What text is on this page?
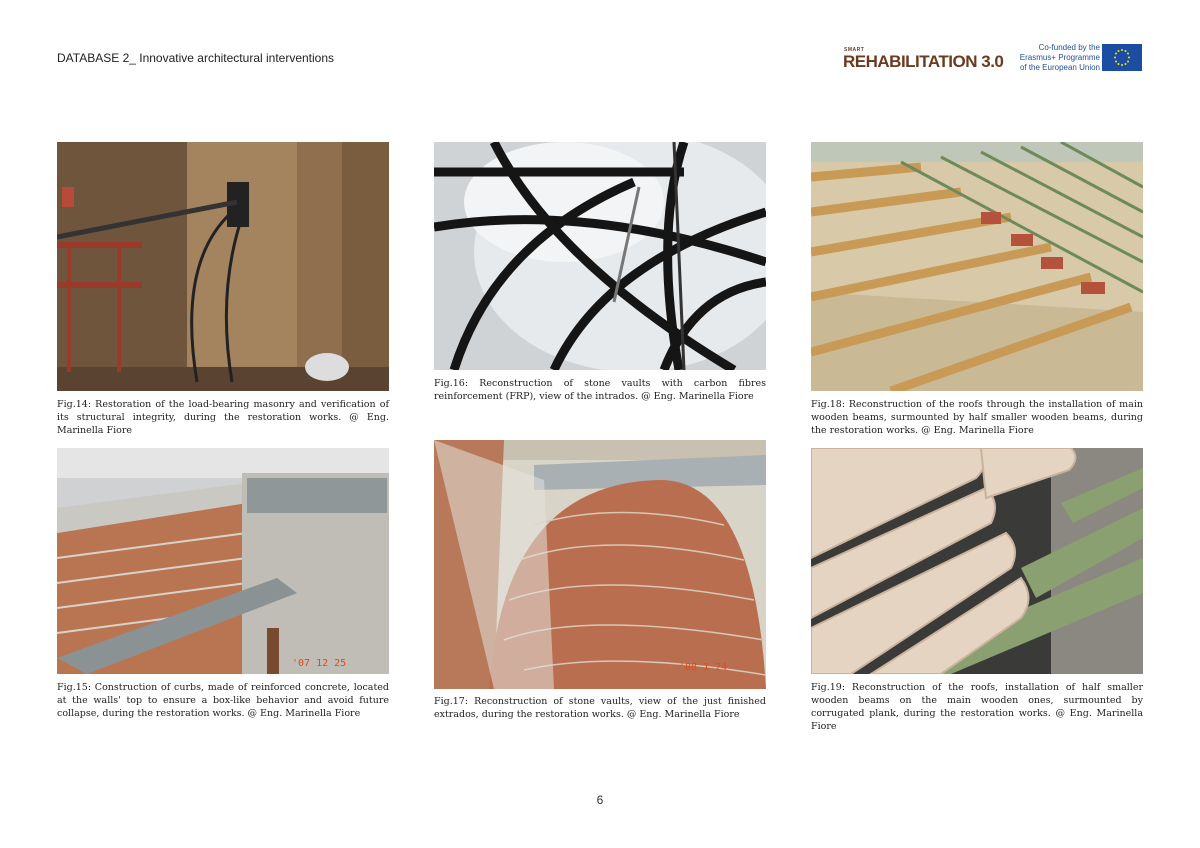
DATABASE 2_ Innovative architectural interventions
SMART
REHABILITATION 3.0
Co-funded by the
Erasmus+ Programme
of the European Union
Fig.14: Restoration of the load-bearing masonry and verification of its structural integrity, during the restoration works. @ Eng. Marinella Fiore
Fig.16: Reconstruction of stone vaults with carbon fibres reinforcement (FRP), view of the intrados. @ Eng. Marinella Fiore
Fig.18: Reconstruction of the roofs through the installation of main wooden beams, surmounted by half smaller wooden beams, during the restoration works. @ Eng. Marinella Fiore
'07 12 25
Fig.15: Construction of curbs, made of reinforced concrete, located at the walls' top to ensure a box-like behavior and avoid future collapse, during the restoration works. @ Eng. Marinella Fiore
'08 1 24
Fig.17: Reconstruction of stone vaults, view of the just finished extrados, during the restoration works. @ Eng. Marinella Fiore
Fig.19: Reconstruction of the roofs, installation of half smaller wooden beams on the main wooden ones, surmounted by corrugated plank, during the restoration works. @ Eng. Marinella Fiore
6
